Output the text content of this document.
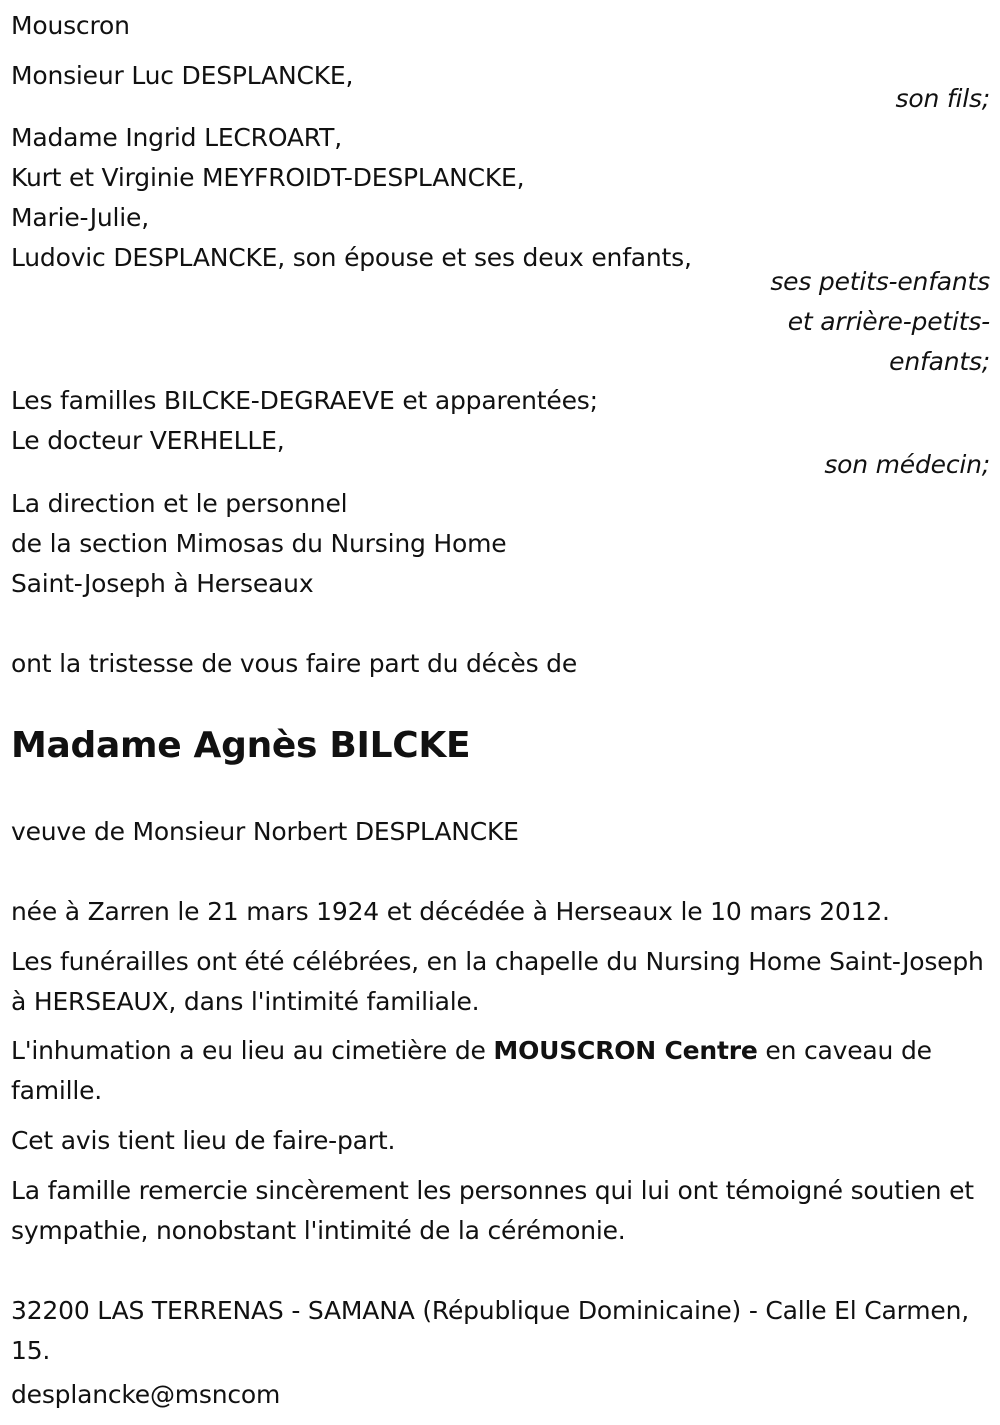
Mouscron
Monsieur Luc DESPLANCKE,
son fils;
Madame Ingrid LECROART,
Kurt et Virginie MEYFROIDT-DESPLANCKE,
Marie-Julie,
Ludovic DESPLANCKE, son épouse et ses deux enfants,
ses petits-enfants
et arrière-petits-
enfants;
Les familles BILCKE-DEGRAEVE et apparentées;
Le docteur VERHELLE,
son médecin;
La direction et le personnel
de la section Mimosas du Nursing Home
Saint-Joseph à Herseaux
ont la tristesse de vous faire part du décès de
Madame Agnès BILCKE
veuve de Monsieur Norbert DESPLANCKE
née à Zarren le 21 mars 1924 et décédée à Herseaux le 10 mars 2012.
Les funérailles ont été célébrées, en la chapelle du Nursing Home Saint-Joseph à HERSEAUX, dans l'intimité familiale.
L'inhumation a eu lieu au cimetière de MOUSCRON Centre en caveau de famille.
Cet avis tient lieu de faire-part.
La famille remercie sincèrement les personnes qui lui ont témoigné soutien et sympathie, nonobstant l'intimité de la cérémonie.
32200 LAS TERRENAS - SAMANA (République Dominicaine) - Calle El Carmen, 15.
desplancke@msncom
